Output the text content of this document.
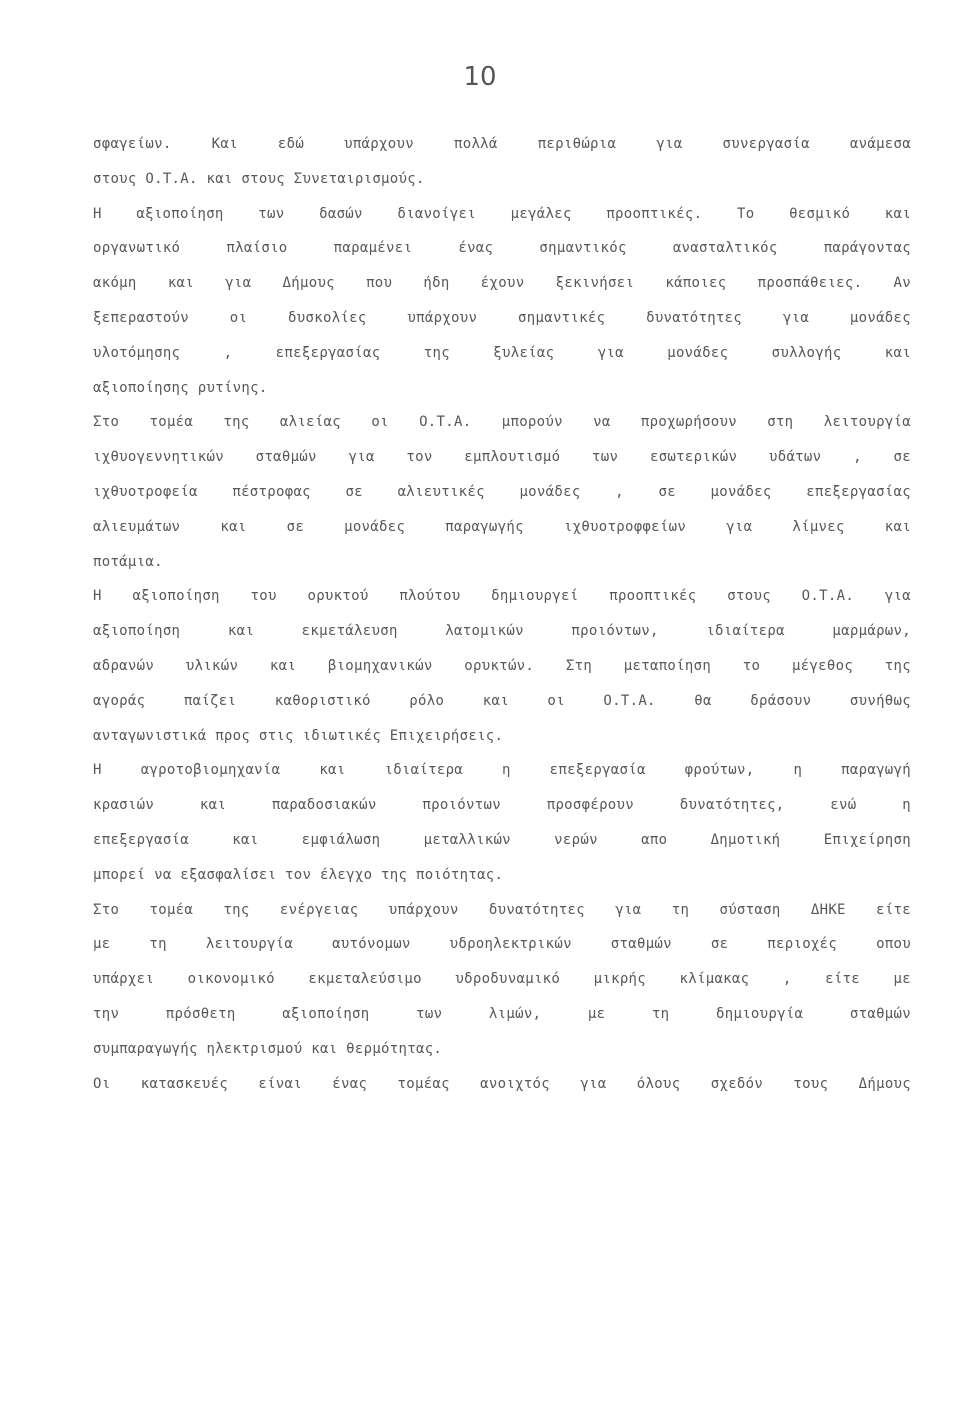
10
σφαγείων. Και εδώ υπάρχουν πολλά περιθώρια για συνεργασία ανάμεσα
στους Ο.Τ.Α. και στους Συνεταιρισμούς.
Η αξιοποίηση των δασών διανοίγει μεγάλες προοπτικές. Το θεσμικό και
οργανωτικό πλαίσιο παραμένει ένας σημαντικός ανασταλτικός παράγοντας
ακόμη και για Δήμους που ήδη έχουν ξεκινήσει κάποιες προσπάθειες. Αν
ξεπεραστούν οι δυσκολίες υπάρχουν σημαντικές δυνατότητες για μονάδες
υλοτόμησης , επεξεργασίας της ξυλείας για μονάδες συλλογής και
αξιοποίησης ρυτίνης.
Στο τομέα της αλιείας οι Ο.Τ.Α. μπορούν να προχωρήσουν στη λειτουργία
ιχθυογεννητικών σταθμών για τον εμπλουτισμό των εσωτερικών υδάτων , σε
ιχθυοτροφεία πέστροφας σε αλιευτικές μονάδες , σε μονάδες επεξεργασίας
αλιευμάτων και σε μονάδες παραγωγής ιχθυοτροφφείων για λίμνες και
ποτάμια.
Η αξιοποίηση του ορυκτού πλούτου δημιουργεί προοπτικές στους Ο.Τ.Α. για
αξιοποίηση και εκμετάλευση λατομικών προιόντων, ιδιαίτερα μαρμάρων,
αδρανών υλικών και βιομηχανικών ορυκτών. Στη μεταποίηση το μέγεθος της
αγοράς παίζει καθοριστικό ρόλο και οι Ο.Τ.Α. θα δράσουν συνήθως
ανταγωνιστικά προς στις ιδιωτικές Επιχειρήσεις.
Η αγροτοβιομηχανία και ιδιαίτερα η επεξεργασία φρούτων, η παραγωγή
κρασιών και παραδοσιακών προιόντων προσφέρουν δυνατότητες, ενώ η
επεξεργασία και εμφιάλωση μεταλλικών νερών απο Δημοτική Επιχείρηση
μπορεί να εξασφαλίσει τον έλεγχο της ποιότητας.
Στο τομέα της ενέργειας υπάρχουν δυνατότητες για τη σύσταση ΔΗΚΕ είτε
με τη λειτουργία αυτόνομων υδροηλεκτρικών σταθμών σε περιοχές οπου
υπάρχει οικονομικό εκμεταλεύσιμο υδροδυναμικό μικρής κλίμακας , είτε με
την πρόσθετη αξιοποίηση των λιμών, με τη δημιουργία σταθμών
συμπαραγωγής ηλεκτρισμού και θερμότητας.
Οι κατασκευές είναι ένας τομέας ανοιχτός για όλους σχεδόν τους Δήμους
